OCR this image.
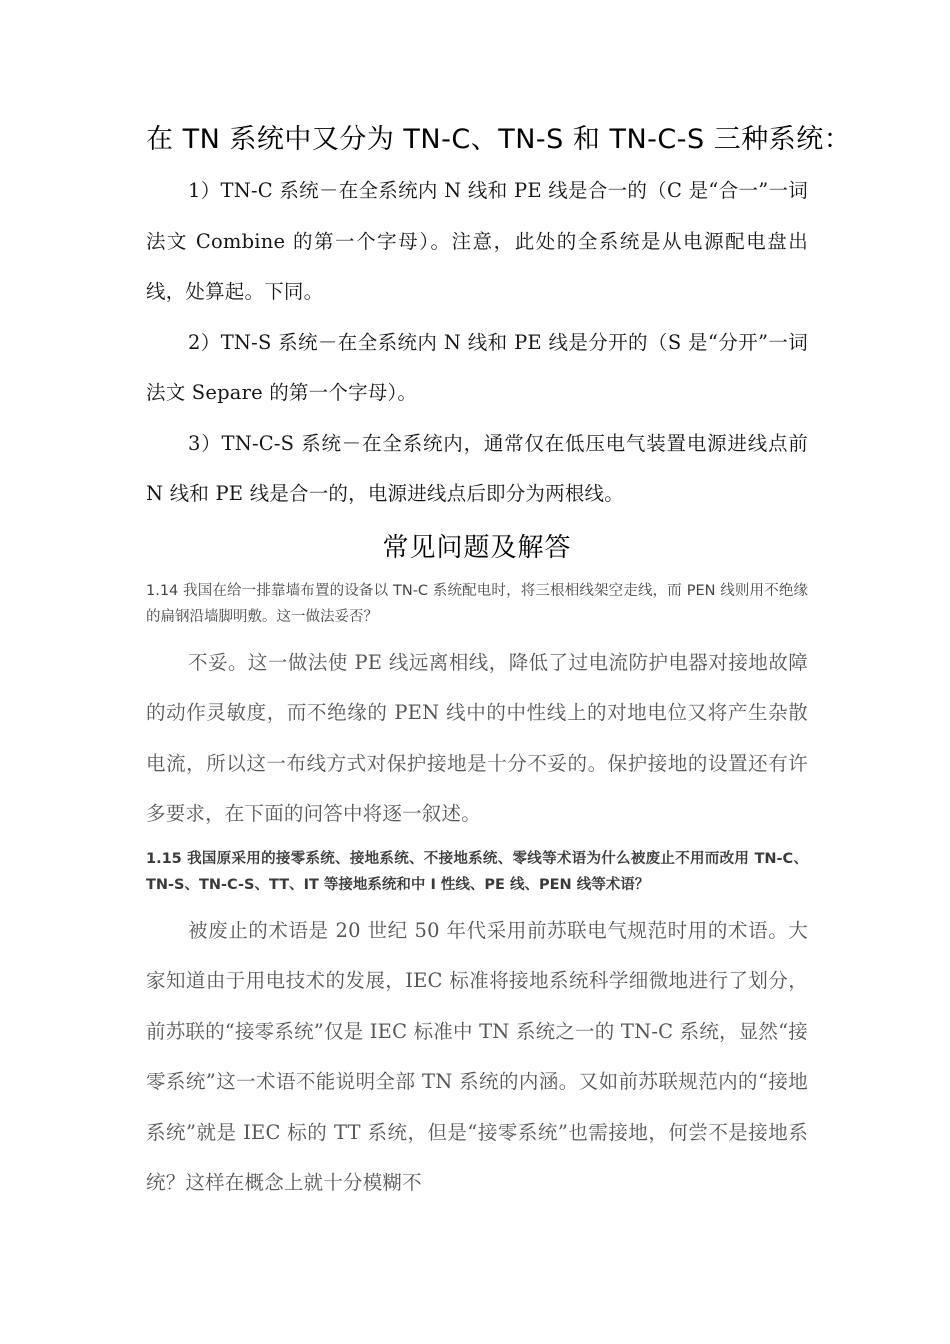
在 TN 系统中又分为 TN-C、TN-S 和 TN-C-S 三种系统：

1）TN-C 系统－在全系统内 N 线和 PE 线是合一的（C 是“合一”一词法文 Combine 的第一个字母）。注意，此处的全系统是从电源配电盘出线，处算起。下同。

2）TN-S 系统－在全系统内 N 线和 PE 线是分开的（S 是“分开”一词法文 Separe 的第一个字母）。

3）TN-C-S 系统－在全系统内，通常仅在低压电气装置电源进线点前 N 线和 PE 线是合一的，电源进线点后即分为两根线。

常见问题及解答

1.14 我国在给一排靠墙布置的设备以 TN-C 系统配电时，将三根相线架空走线，而 PEN 线则用不绝缘的扁钢沿墙脚明敷。这一做法妥否？

不妥。这一做法使 PE 线远离相线，降低了过电流防护电器对接地故障的动作灵敏度，而不绝缘的 PEN 线中的中性线上的对地电位又将产生杂散电流，所以这一布线方式对保护接地是十分不妥的。保护接地的设置还有许多要求，在下面的问答中将逐一叙述。

1.15 我国原采用的接零系统、接地系统、不接地系统、零线等术语为什么被废止不用而改用 TN-C、TN-S、TN-C-S、TT、IT 等接地系统和中 I 性线、PE 线、PEN 线等术语？

被废止的术语是 20 世纪 50 年代采用前苏联电气规范时用的术语。大家知道由于用电技术的发展，IEC 标准将接地系统科学细微地进行了划分，前苏联的“接零系统”仅是 IEC 标准中 TN 系统之一的 TN-C 系统，显然“接零系统”这一术语不能说明全部 TN 系统的内涵。又如前苏联规范内的“接地系统”就是 IEC 标的 TT 系统，但是“接零系统”也需接地，何尝不是接地系统？这样在概念上就十分模糊不
